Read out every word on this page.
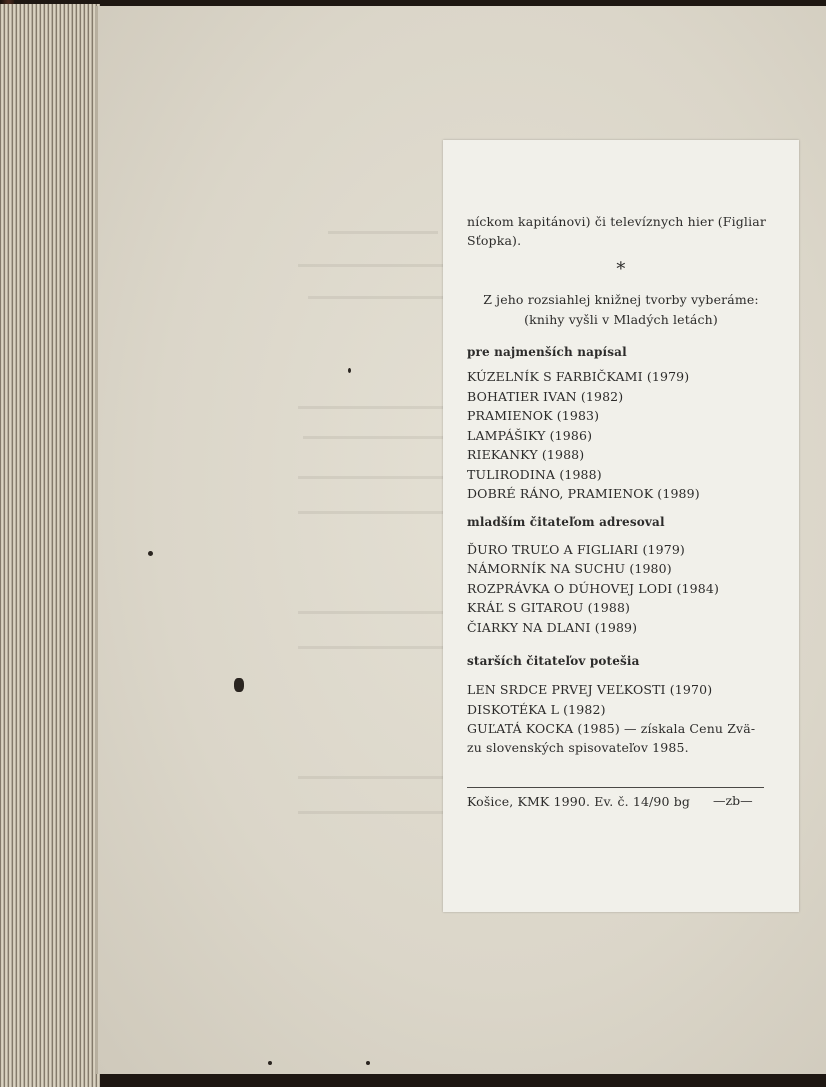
níckom kapitánovi) či televíznych hier (Figliar
Sťopka).
∗
Z jeho rozsiahlej knižnej tvorby vyberáme:
(knihy vyšli v Mladých letách)
pre najmenších napísal
KÚZELNÍK S FARBIČKAMI (1979)
BOHATIER IVAN (1982)
PRAMIENOK (1983)
LAMPÁŠIKY (1986)
RIEKANKY (1988)
TULIRODINA (1988)
DOBRÉ RÁNO, PRAMIENOK (1989)
mladším čitateľom adresoval
ĎURO TRUĽO A FIGLIARI (1979)
NÁMORNÍK NA SUCHU (1980)
ROZPRÁVKA O DÚHOVEJ LODI (1984)
KRÁĽ S GITAROU (1988)
ČIARKY NA DLANI (1989)
starších čitateľov potešia
LEN SRDCE PRVEJ VEĽKOSTI (1970)
DISKOTÉKA L (1982)
GUĽATÁ KOCKA (1985) — získala Cenu Zvä-
zu slovenských spisovateľov 1985.
Košice, KMK 1990. Ev. č. 14/90 bg —zb—
